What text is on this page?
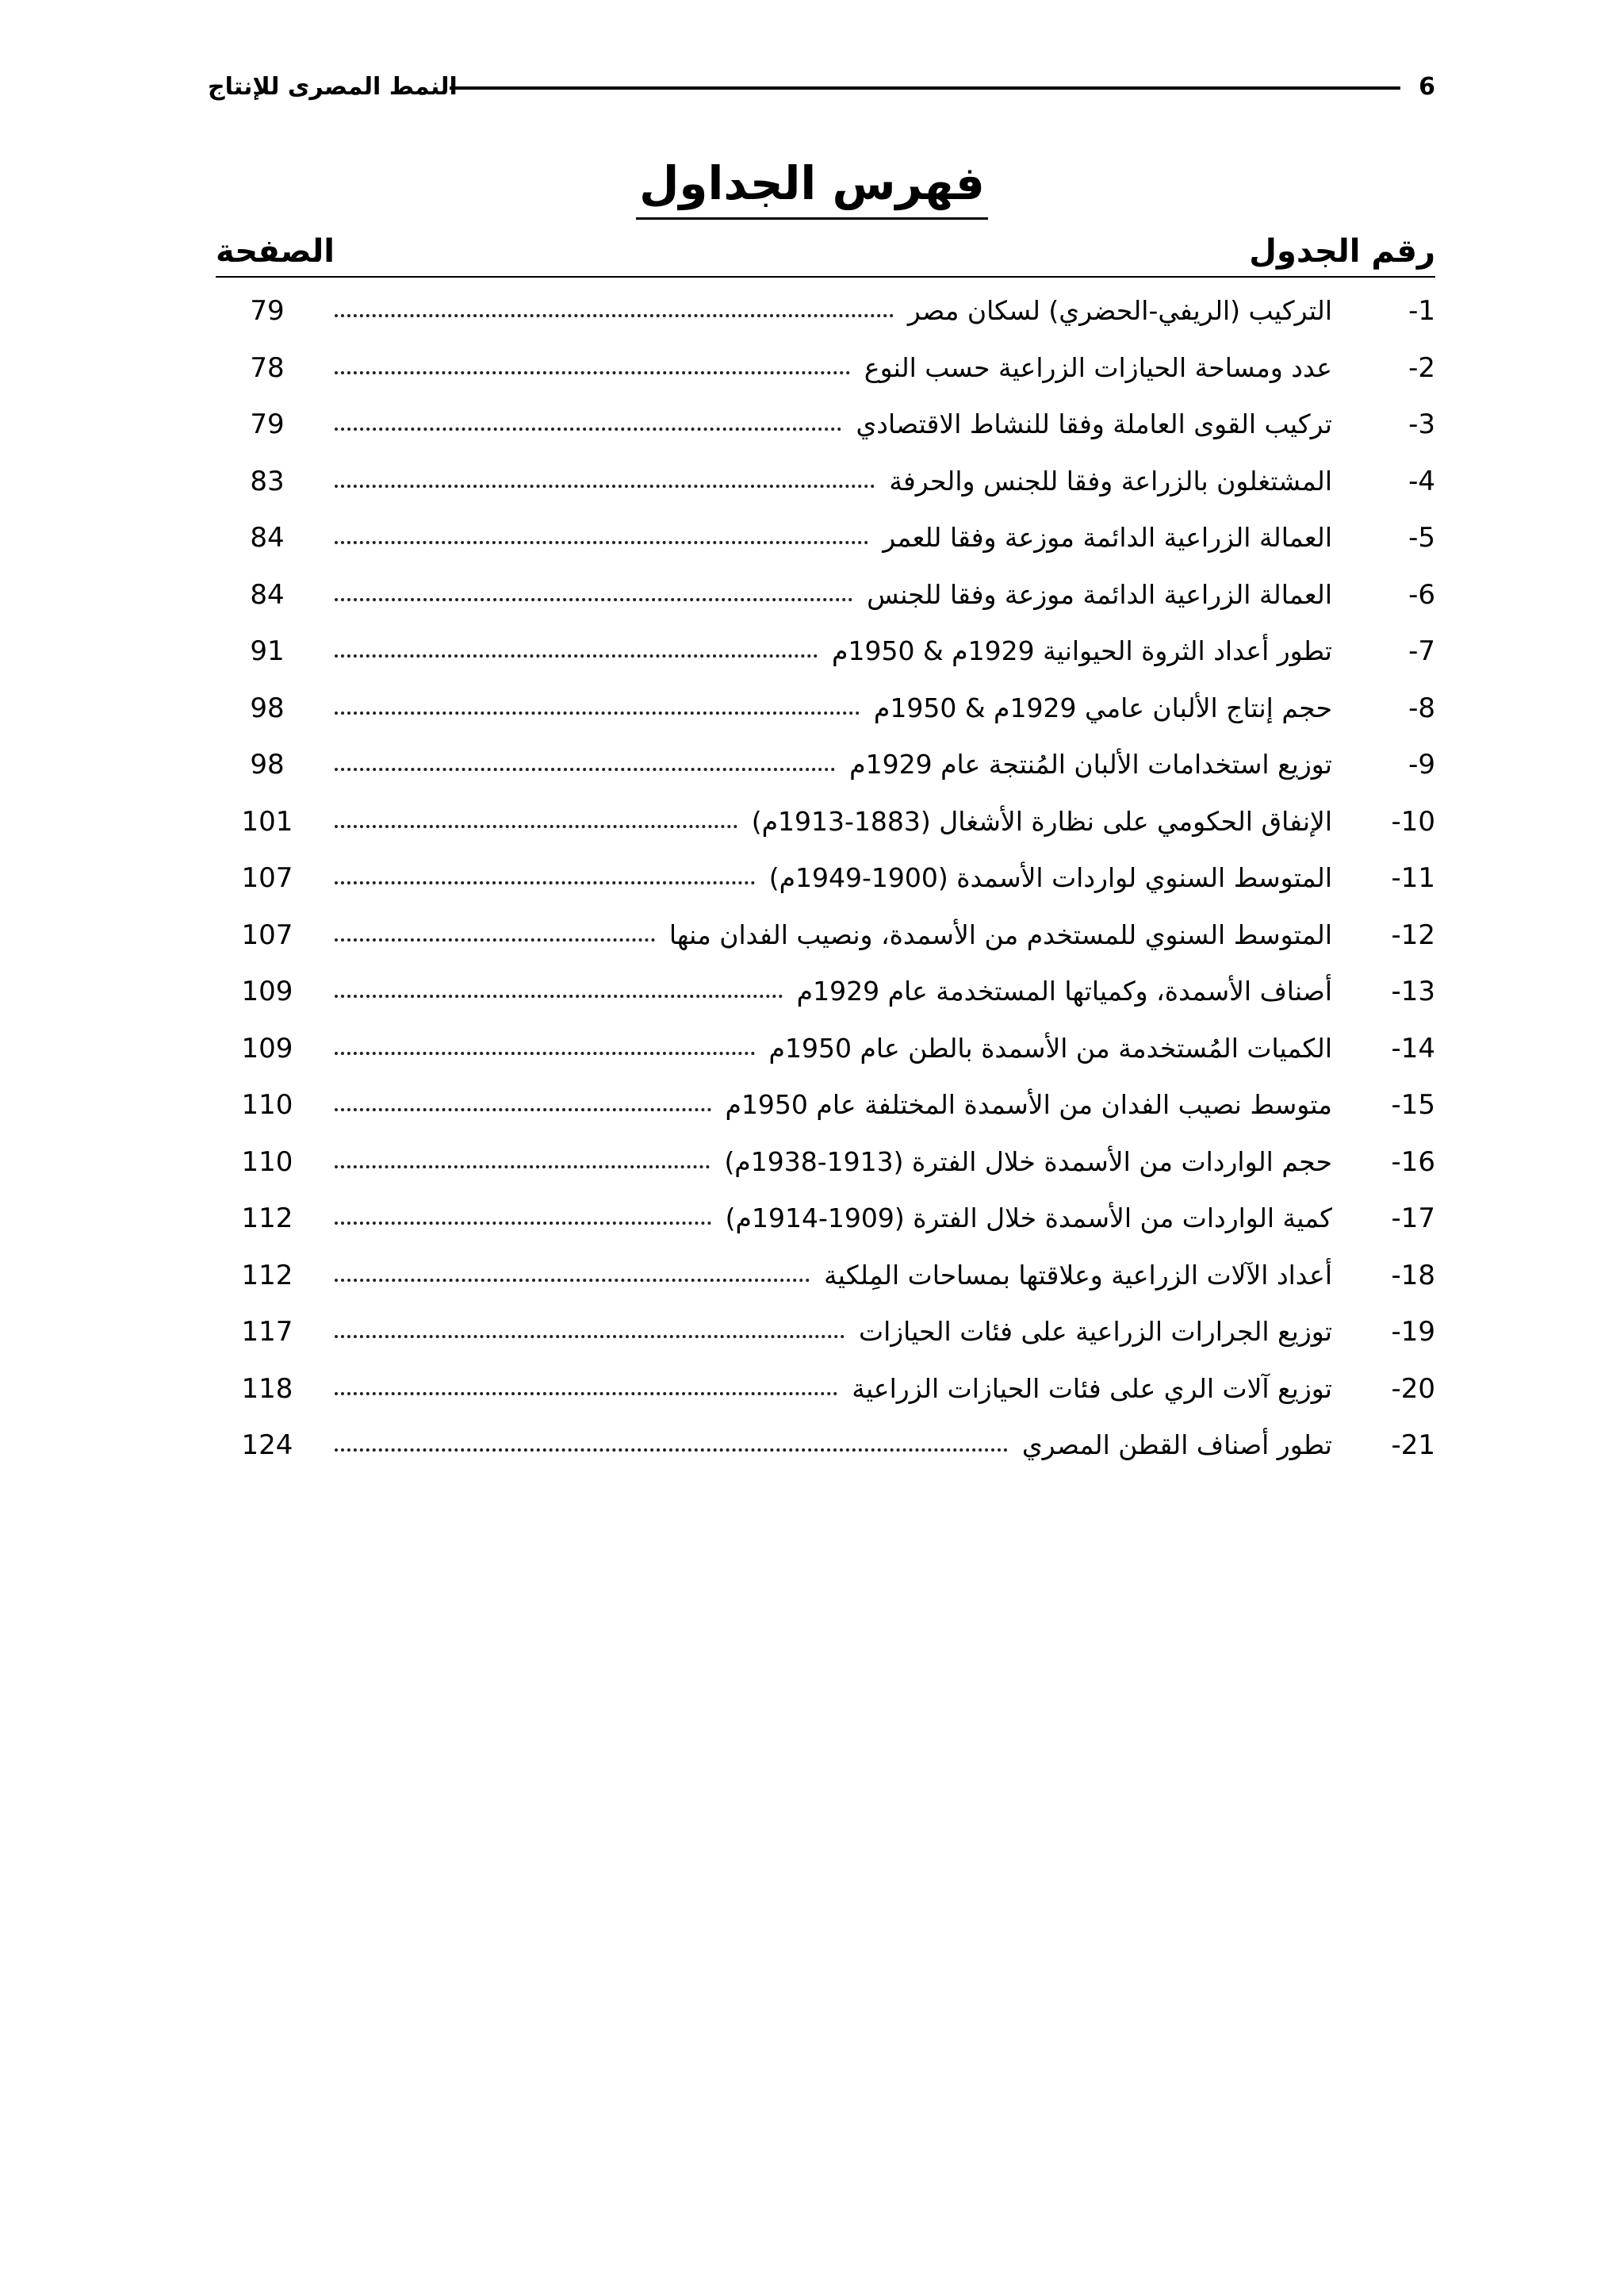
النمط المصرى للإنتاج	6
فهرس الجداول
رقم الجدول
الصفحة
1-
التركيب (الريفي-الحضري) لسكان مصر
79
2-
عدد ومساحة الحيازات الزراعية حسب النوع
78
3-
تركيب القوى العاملة وفقا للنشاط الاقتصادي
79
4-
المشتغلون بالزراعة وفقا للجنس والحرفة
83
5-
العمالة الزراعية الدائمة موزعة وفقا للعمر
84
6-
العمالة الزراعية الدائمة موزعة وفقا للجنس
84
7-
تطور أعداد الثروة الحيوانية 1929م & 1950م
91
8-
حجم إنتاج الألبان عامي 1929م & 1950م
98
9-
توزيع استخدامات الألبان المُنتجة عام 1929م
98
10-
الإنفاق الحكومي على نظارة الأشغال (1883-1913م)
101
11-
المتوسط السنوي لواردات الأسمدة (1900-1949م)
107
12-
المتوسط السنوي للمستخدم من الأسمدة، ونصيب الفدان منها
107
13-
أصناف الأسمدة، وكمياتها المستخدمة عام 1929م
109
14-
الكميات المُستخدمة من الأسمدة بالطن عام 1950م
109
15-
متوسط نصيب الفدان من الأسمدة المختلفة عام 1950م
110
16-
حجم الواردات من الأسمدة خلال الفترة (1913-1938م)
110
17-
كمية الواردات من الأسمدة خلال الفترة (1909-1914م)
112
18-
أعداد الآلات الزراعية وعلاقتها بمساحات المِلكية
112
19-
توزيع الجرارات الزراعية على فئات الحيازات
117
20-
توزيع آلات الري على فئات الحيازات الزراعية
118
21-
تطور أصناف القطن المصري
124
